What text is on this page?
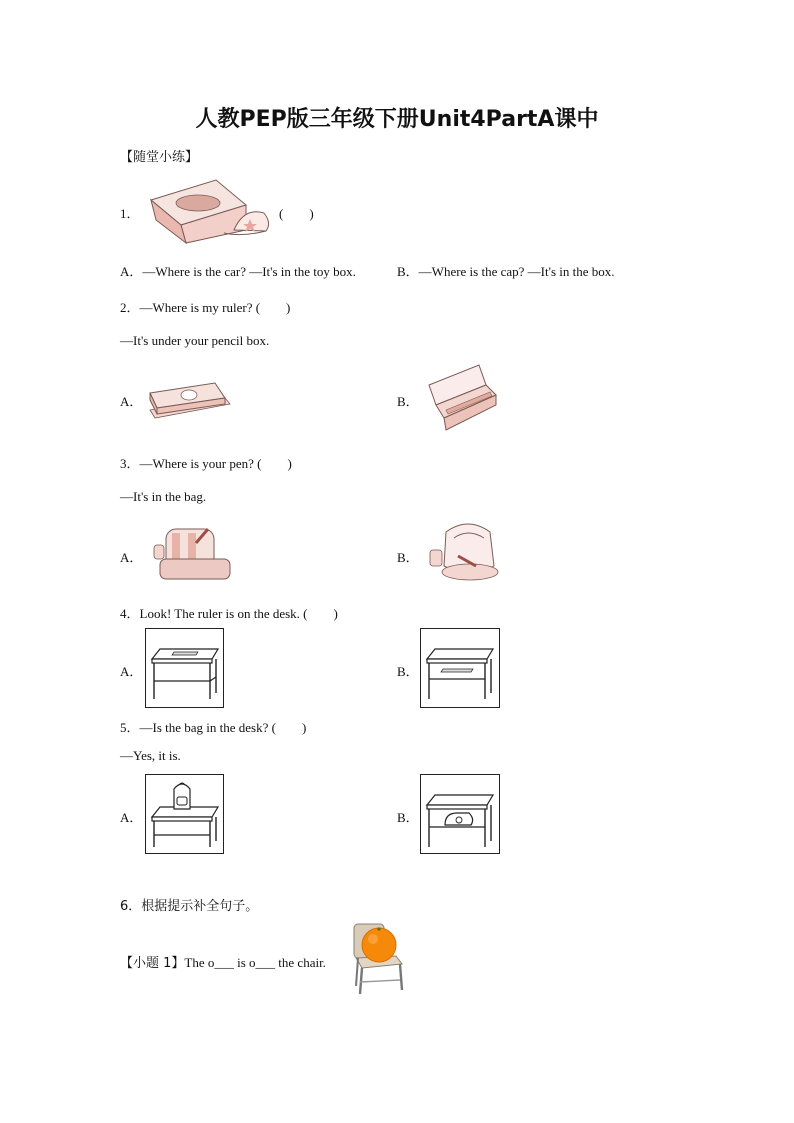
人教PEP版三年级下册Unit4PartA课中
【随堂小练】
1．	(　　)
A．—Where is the car? —It's in the toy box.	B．—Where is the cap? —It's in the box.
2．—Where is my ruler? (　　)
—It's under your pencil box.
A．	B．
3．—Where is your pen? (　　)
—It's in the bag.
A．	B．
4．Look! The ruler is on the desk. (　　)
A．	B．
5．—Is the bag in the desk? (　　)
—Yes, it is.
A．	B．
6．根据提示补全句子。
【小题 1】The o___ is o___ the chair.
